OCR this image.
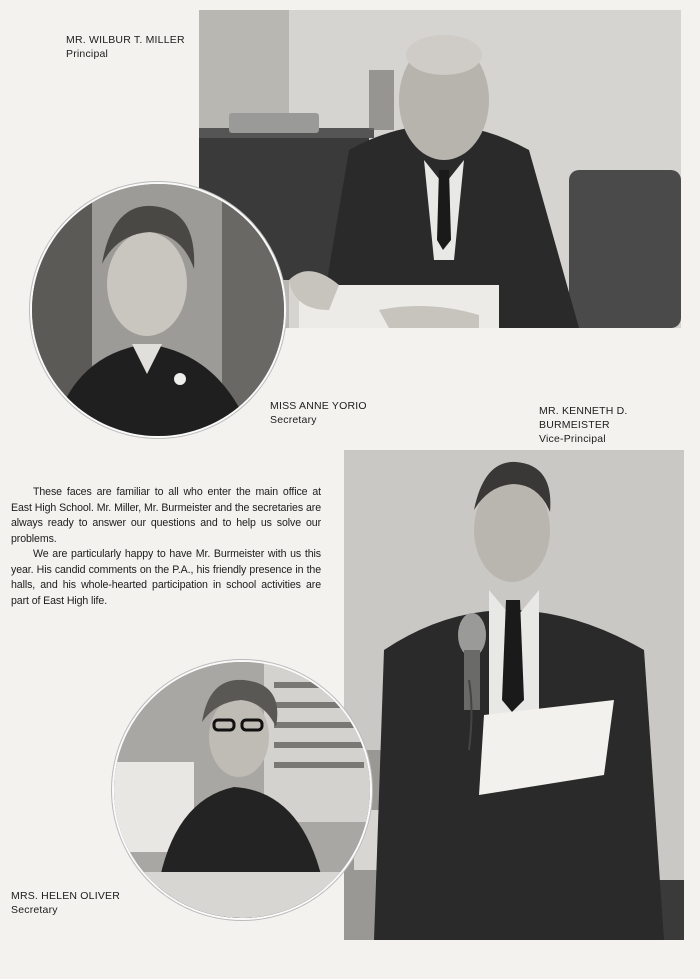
MR. WILBUR T. MILLER
Principal
MISS ANNE YORIO
Secretary
MR. KENNETH D. BURMEISTER
Vice-Principal
MRS. HELEN OLIVER
Secretary

These faces are familiar to all who enter the main office at East High School. Mr. Miller, Mr. Burmeister and the secretaries are always ready to answer our questions and to help us solve our problems.

We are particularly happy to have Mr. Burmeister with us this year. His candid comments on the P.A., his friendly presence in the halls, and his whole-hearted participation in school activities are part of East High life.
